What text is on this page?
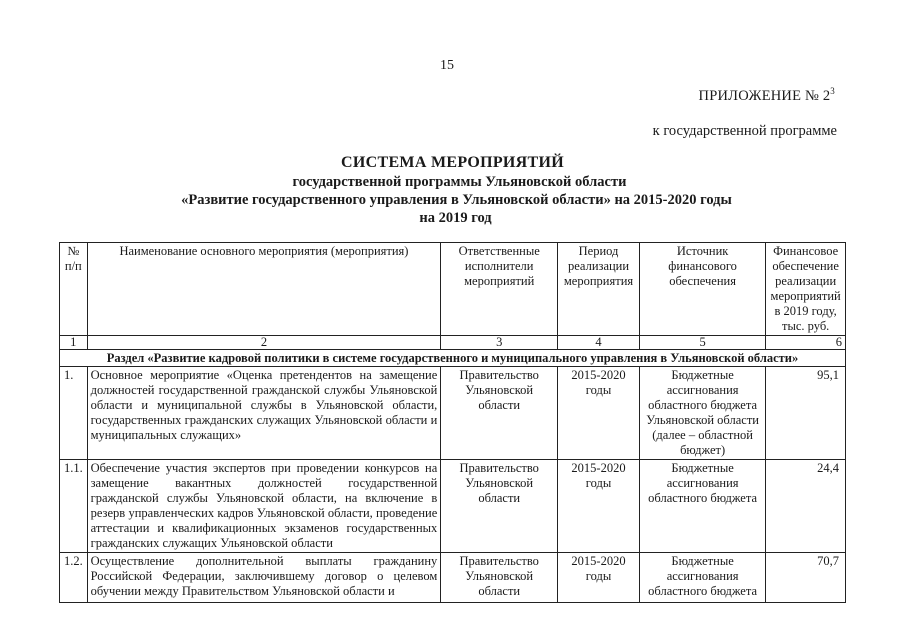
15
ПРИЛОЖЕНИЕ № $2^3$
к государственной программе
СИСТЕМА МЕРОПРИЯТИЙ
государственной программы Ульяновской области
«Развитие государственного управления в Ульяновской области» на 2015-2020 годы
на 2019 год
№ п/п	Наименование основного мероприятия (мероприятия)	Ответственные исполнители мероприятий	Период реализации мероприятия	Источник финансового обеспечения	Финансовое обеспечение реализации мероприятий в 2019 году, тыс. руб.
1	2	3	4	5	6
Раздел «Развитие кадровой политики в системе государственного и муниципального управления в Ульяновской области»					
1.	Основное мероприятие «Оценка претендентов на замещение должностей государственной гражданской службы Ульяновской области и муниципальной службы в Ульяновской области, государственных гражданских служащих Ульяновской области и муниципальных служащих»	Правительство Ульяновской области	2015-2020 годы	Бюджетные ассигнования областного бюджета Ульяновской области (далее – областной бюджет)	95,1
1.1.	Обеспечение участия экспертов при проведении конкурсов на замещение вакантных должностей государственной гражданской службы Ульяновской области, на включение в резерв управленческих кадров Ульяновской области, проведение аттестации и квалификационных экзаменов государственных гражданских служащих Ульяновской области	Правительство Ульяновской области	2015-2020 годы	Бюджетные ассигнования областного бюджета	24,4
1.2.	Осуществление дополнительной выплаты гражданину Российской Федерации, заключившему договор о целевом обучении между Правительством Ульяновской области и	Правительство Ульяновской области	2015-2020 годы	Бюджетные ассигнования областного бюджета	70,7
